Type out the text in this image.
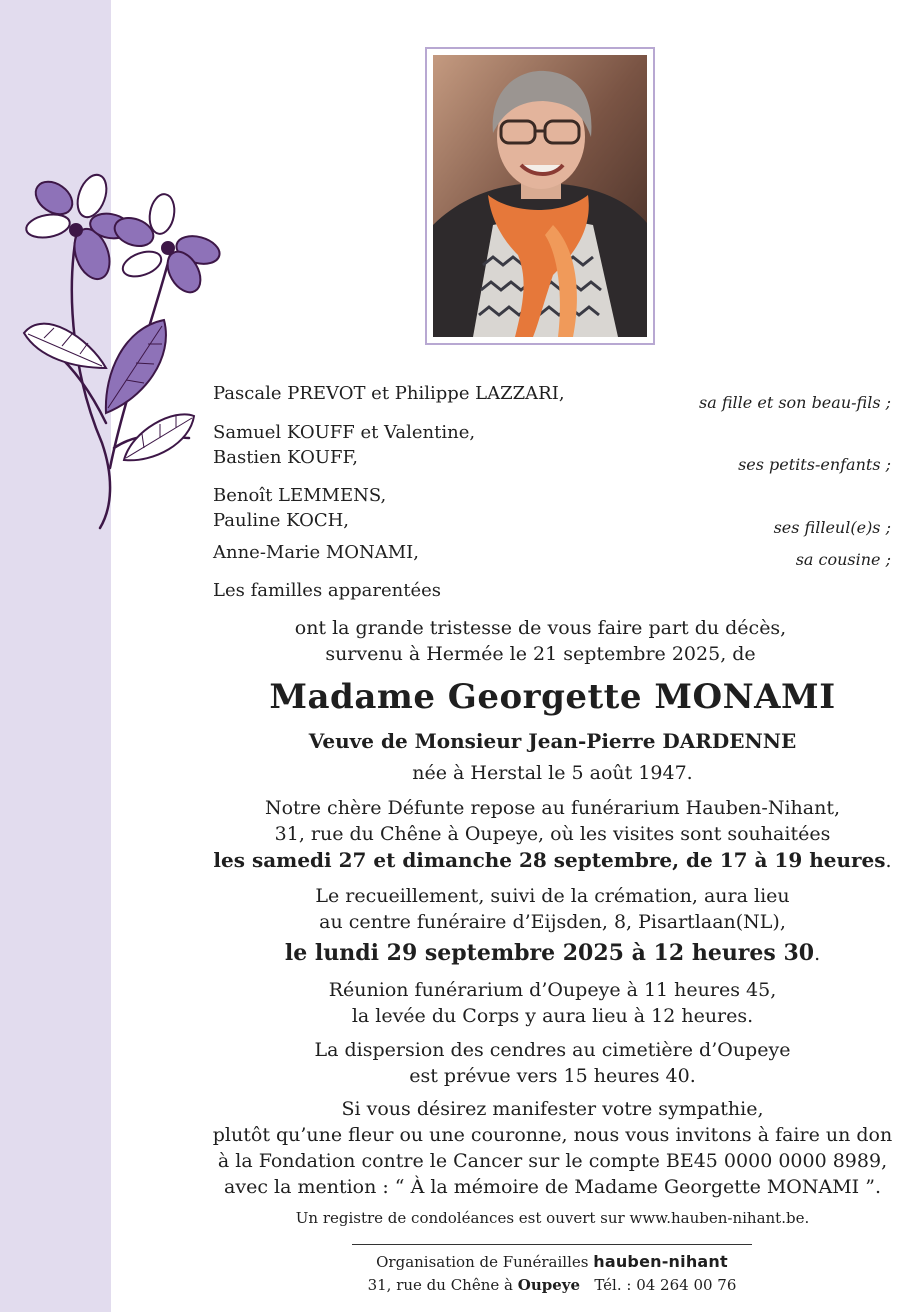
Pascale PREVOT et Philippe LAZZARI,	sa fille et son beau-fils ;
Samuel KOUFF et Valentine,
Bastien KOUFF,	ses petits-enfants ;
Benoît LEMMENS,
Pauline KOCH,	ses filleul(e)s ;
Anne-Marie MONAMI,	sa cousine ;
Les familles apparentées
ont la grande tristesse de vous faire part du décès,
survenu à Hermée le 21 septembre 2025, de
Madame Georgette MONAMI
Veuve de Monsieur Jean-Pierre DARDENNE
née à Herstal le 5 août 1947.
Notre chère Défunte repose au funérarium Hauben-Nihant,
31, rue du Chêne à Oupeye, où les visites sont souhaitées
les samedi 27 et dimanche 28 septembre, de 17 à 19 heures.
Le recueillement, suivi de la crémation, aura lieu
au centre funéraire d’Eijsden, 8, Pisartlaan(NL),
le lundi 29 septembre 2025 à 12 heures 30.
Réunion funérarium d’Oupeye à 11 heures 45,
la levée du Corps y aura lieu à 12 heures.
La dispersion des cendres au cimetière d’Oupeye
est prévue vers 15 heures 40.
Si vous désirez manifester votre sympathie,
plutôt qu’une fleur ou une couronne, nous vous invitons à faire un don
à la Fondation contre le Cancer sur le compte BE45 0000 0000 8989,
avec la mention : “ À la mémoire de Madame Georgette MONAMI ”.
Un registre de condoléances est ouvert sur www.hauben-nihant.be.
Organisation de Funérailles hauben-nihant
31, rue du Chêne à Oupeye Tél. : 04 264 00 76
